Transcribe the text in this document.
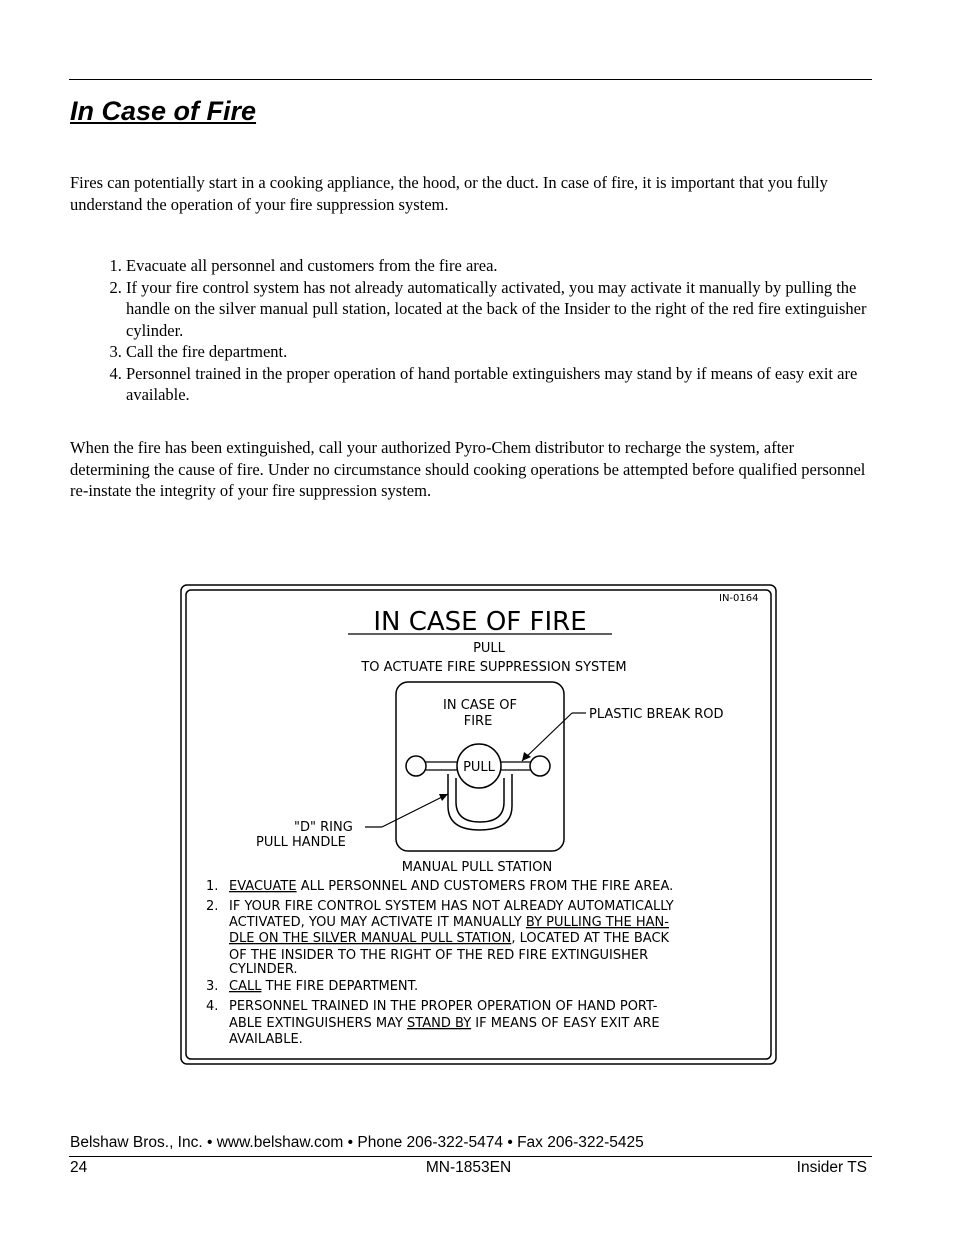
In Case of Fire

Fires can potentially start in a cooking appliance, the hood, or the duct. In case of fire, it is important that you fully understand the operation of your fire suppression system.

1. Evacuate all personnel and customers from the fire area.
2. If your fire control system has not already automatically activated, you may activate it manually by pulling the handle on the silver manual pull station, located at the back of the Insider to the right of the red fire extinguisher cylinder.
3. Call the fire department.
4. Personnel trained in the proper operation of hand portable extinguishers may stand by if means of easy exit are available.

When the fire has been extinguished, call your authorized Pyro-Chem distributor to recharge the system, after determining the cause of fire. Under no circumstance should cooking operations be attempted before qualified personnel re-instate the integrity of your fire suppression system.

IN-0164
IN CASE OF FIRE
PULL
TO ACTUATE FIRE SUPPRESSION SYSTEM
IN CASE OF
FIRE
PULL
PLASTIC BREAK ROD
"D" RING
PULL HANDLE
MANUAL PULL STATION
1. EVACUATE ALL PERSONNEL AND CUSTOMERS FROM THE FIRE AREA.
2. IF YOUR FIRE CONTROL SYSTEM HAS NOT ALREADY AUTOMATICALLY
ACTIVATED, YOU MAY ACTIVATE IT MANUALLY BY PULLING THE HAN-
DLE ON THE SILVER MANUAL PULL STATION, LOCATED AT THE BACK
OF THE INSIDER TO THE RIGHT OF THE RED FIRE EXTINGUISHER
CYLINDER.
3. CALL THE FIRE DEPARTMENT.
4. PERSONNEL TRAINED IN THE PROPER OPERATION OF HAND PORT-
ABLE EXTINGUISHERS MAY STAND BY IF MEANS OF EASY EXIT ARE
AVAILABLE.
Belshaw Bros., Inc. • www.belshaw.com • Phone 206-322-5474 • Fax 206-322-5425
24	MN-1853EN	Insider TS
